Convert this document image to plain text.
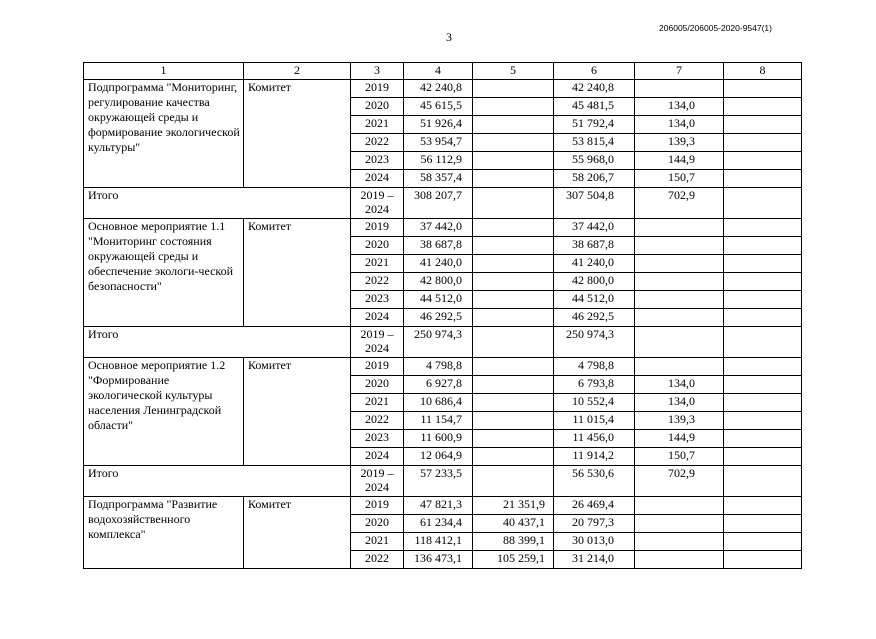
3
206005/206005-2020-9547(1)
1	2	3	4	5	6	7	8
Подпрограмма "Мониторинг, регулирование качества окружающей среды и формирование экологической культуры"	Комитет	2019	42 240,8		42 240,8		
		2020	45 615,5		45 481,5	134,0	
		2021	51 926,4		51 792,4	134,0	
		2022	53 954,7		53 815,4	139,3	
		2023	56 112,9		55 968,0	144,9	
		2024	58 357,4		58 206,7	150,7	
Итого		2019 – 2024	308 207,7		307 504,8	702,9	
Основное мероприятие 1.1 "Мониторинг состояния окружающей среды и обеспечение экологи-ческой безопасности"	Комитет	2019	37 442,0		37 442,0		
		2020	38 687,8		38 687,8		
		2021	41 240,0		41 240,0		
		2022	42 800,0		42 800,0		
		2023	44 512,0		44 512,0		
		2024	46 292,5		46 292,5		
Итого		2019 – 2024	250 974,3		250 974,3		
Основное мероприятие 1.2 "Формирование экологической культуры населения Ленинградской области"	Комитет	2019	4 798,8		4 798,8		
		2020	6 927,8		6 793,8	134,0	
		2021	10 686,4		10 552,4	134,0	
		2022	11 154,7		11 015,4	139,3	
		2023	11 600,9		11 456,0	144,9	
		2024	12 064,9		11 914,2	150,7	
Итого		2019 – 2024	57 233,5		56 530,6	702,9	
Подпрограмма "Развитие водохозяйственного комплекса"	Комитет	2019	47 821,3	21 351,9	26 469,4		
		2020	61 234,4	40 437,1	20 797,3		
		2021	118 412,1	88 399,1	30 013,0		
		2022	136 473,1	105 259,1	31 214,0		
